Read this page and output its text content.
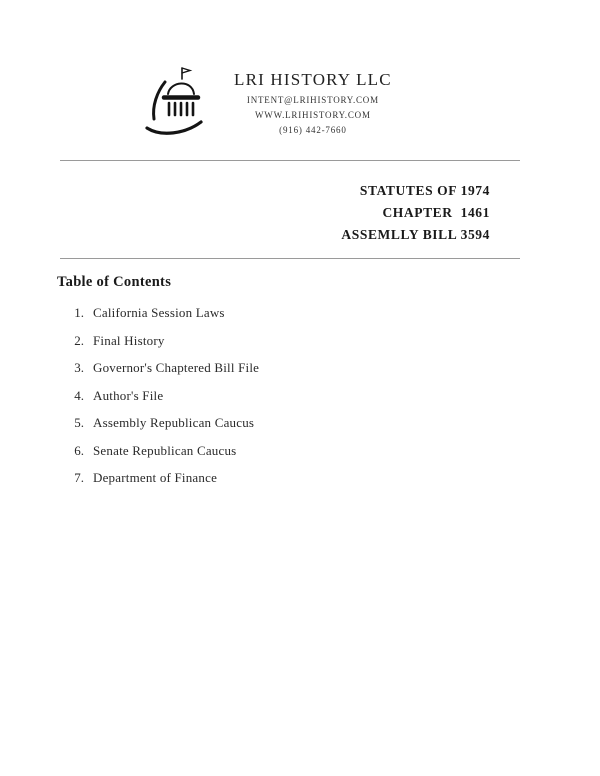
LRI HISTORY LLC
INTENT@LRIHISTORY.COM
WWW.LRIHISTORY.COM
(916) 442-7660
STATUTES OF 1974
CHAPTER  1461
ASSEMLLY BILL 3594
Table of Contents
1. California Session Laws
2. Final History
3. Governor's Chaptered Bill File
4. Author's File
5. Assembly Republican Caucus
6. Senate Republican Caucus
7. Department of Finance
